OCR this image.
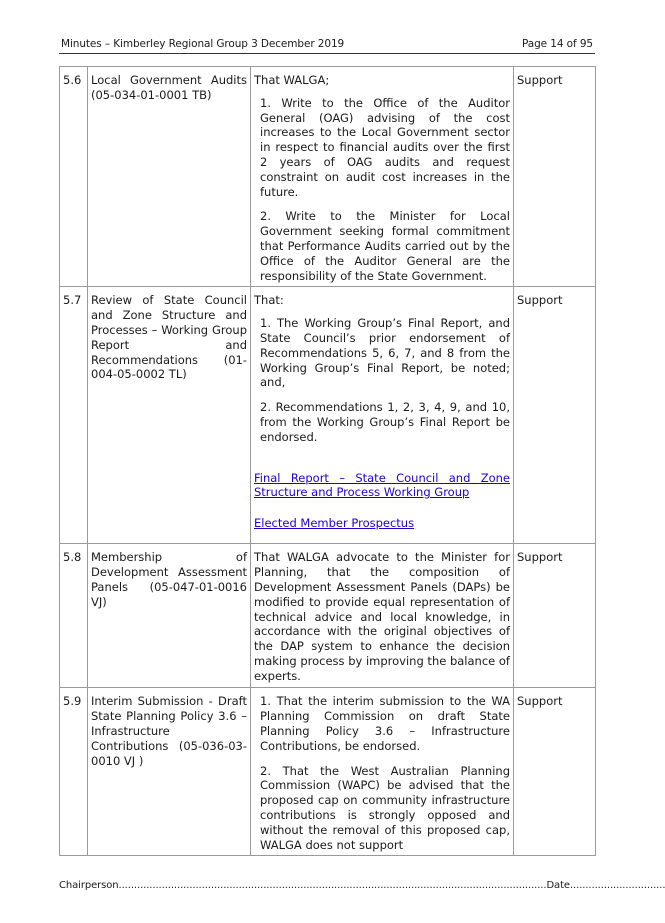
Minutes – Kimberley Regional Group 3 December 2019	Page 14 of 95
5.6	Local Government Audits (05-034-01-0001 TB)	That WALGA;
1. Write to the Office of the Auditor General (OAG) advising of the cost increases to the Local Government sector in respect to financial audits over the first 2 years of OAG audits and request constraint on audit cost increases in the future.
2. Write to the Minister for Local Government seeking formal commitment that Performance Audits carried out by the Office of the Auditor General are the responsibility of the State Government.	Support
5.7	Review of State Council and Zone Structure and Processes – Working Group Report and Recommendations (01-004-05-0002 TL)	That:
1. The Working Group’s Final Report, and State Council’s prior endorsement of Recommendations 5, 6, 7, and 8 from the Working Group’s Final Report, be noted; and,
2. Recommendations 1, 2, 3, 4, 9, and 10, from the Working Group’s Final Report be endorsed.
Final Report – State Council and Zone Structure and Process Working Group
Elected Member Prospectus	Support
5.8	Membership of Development Assessment Panels (05-047-01-0016 VJ)	That WALGA advocate to the Minister for Planning, that the composition of Development Assessment Panels (DAPs) be modified to provide equal representation of technical advice and local knowledge, in accordance with the original objectives of the DAP system to enhance the decision making process by improving the balance of experts.	Support
5.9	Interim Submission - Draft State Planning Policy 3.6 – Infrastructure Contributions (05-036-03-0010 VJ )	1. That the interim submission to the WA Planning Commission on draft State Planning Policy 3.6 – Infrastructure Contributions, be endorsed.
2. That the West Australian Planning Commission (WAPC) be advised that the proposed cap on community infrastructure contributions is strongly opposed and without the removal of this proposed cap, WALGA does not support	Support
Chairperson...........................................................................................................................................Date...............................
